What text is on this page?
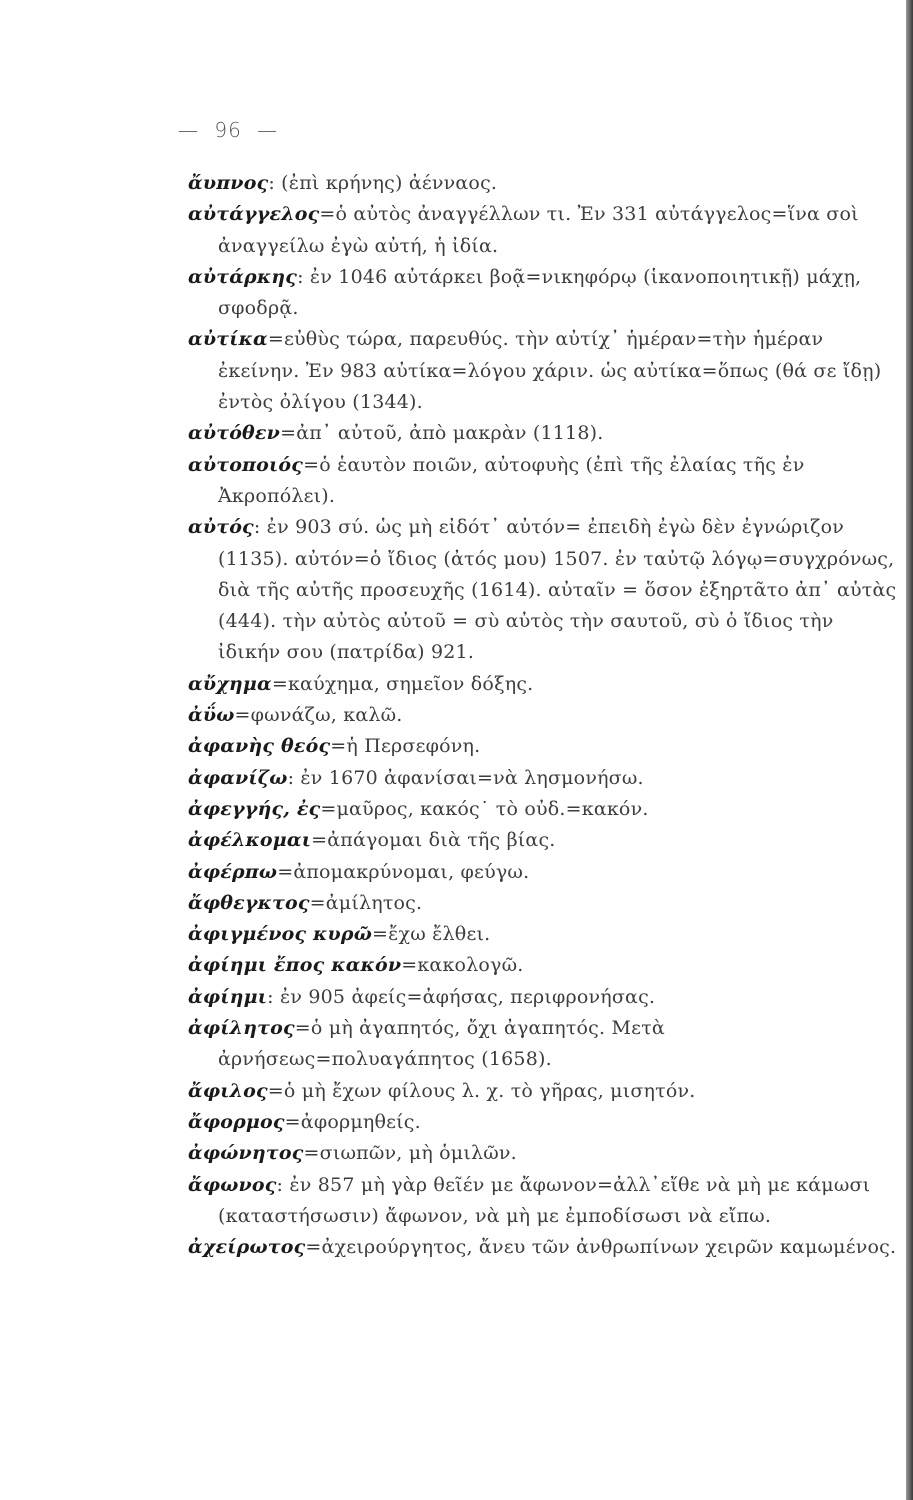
— 96 —
ἄυπνος: (ἐπὶ κρήνης) ἀένναος.
αὐτάγγελος=ὁ αὐτὸς ἀναγγέλλων τι. Ἐν 331 αὐτάγγελος=ἵνα σοὶ ἀναγγείλω ἐγὼ αὐτή, ἡ ἰδία.
αὐτάρκης: ἐν 1046 αὐτάρκει βοᾷ=νικηφόρῳ (ἱκανοποιητικῇ) μάχῃ, σφοδρᾷ.
αὐτίκα=εὐθὺς τώρα, παρευθύς. τὴν αὐτίχ᾽ ἡμέραν=τὴν ἡμέραν ἐκείνην. Ἐν 983 αὐτίκα=λόγου χάριν. ὡς αὐτίκα=ὅπως (θά σε ἴδῃ) ἐντὸς ὀλίγου (1344).
αὐτόθεν=ἀπ᾽ αὐτοῦ, ἀπὸ μακρὰν (1118).
αὐτοποιός=ὁ ἑαυτὸν ποιῶν, αὐτοφυὴς (ἐπὶ τῆς ἐλαίας τῆς ἐν Ἀκροπόλει).
αὐτός: ἐν 903 σύ. ὡς μὴ εἰδότ᾽ αὐτόν= ἐπειδὴ ἐγὼ δὲν ἐγνώριζον (1135). αὐτόν=ὁ ἴδιος (ἀτός μου) 1507. ἐν ταὐτῷ λόγῳ=συγχρόνως, διὰ τῆς αὐτῆς προσευχῆς (1614). αὐταῖν = ὅσον ἐξηρτᾶτο ἀπ᾽ αὐτὰς (444). τὴν αὐτὸς αὐτοῦ = σὺ αὐτὸς τὴν σαυτοῦ, σὺ ὁ ἴδιος τὴν ἰδικήν σου (πατρίδα) 921.
αὔχημα=καύχημα, σημεῖον δόξης.
ἀΰω=φωνάζω, καλῶ.
ἀφανὴς θεός=ἡ Περσεφόνη.
ἀφανίζω: ἐν 1670 ἀφανίσαι=νὰ λησμονήσω.
ἀφεγγής, ἐς=μαῦρος, κακός˙ τὸ οὐδ.=κακόν.
ἀφέλκομαι=ἀπάγομαι διὰ τῆς βίας.
ἀφέρπω=ἀπομακρύνομαι, φεύγω.
ἄφθεγκτος=ἀμίλητος.
ἀφιγμένος κυρῶ=ἔχω ἔλθει.
ἀφίημι ἔπος κακόν=κακολογῶ.
ἀφίημι: ἐν 905 ἀφείς=ἀφήσας, περιφρονήσας.
ἀφίλητος=ὁ μὴ ἀγαπητός, ὄχι ἀγαπητός. Μετὰ ἀρνήσεως=πολυαγάπητος (1658).
ἄφιλος=ὁ μὴ ἔχων φίλους λ. χ. τὸ γῆρας, μισητόν.
ἄφορμος=ἀφορμηθείς.
ἀφώνητος=σιωπῶν, μὴ ὁμιλῶν.
ἄφωνος: ἐν 857 μὴ γὰρ θεῖέν με ἄφωνον=ἀλλ᾽εἴθε νὰ μὴ με κάμωσι (καταστήσωσιν) ἄφωνον, νὰ μὴ με ἐμποδίσωσι νὰ εἴπω.
ἀχείρωτος=ἀχειρούργητος, ἄνευ τῶν ἀνθρωπίνων χειρῶν καμωμένος.
